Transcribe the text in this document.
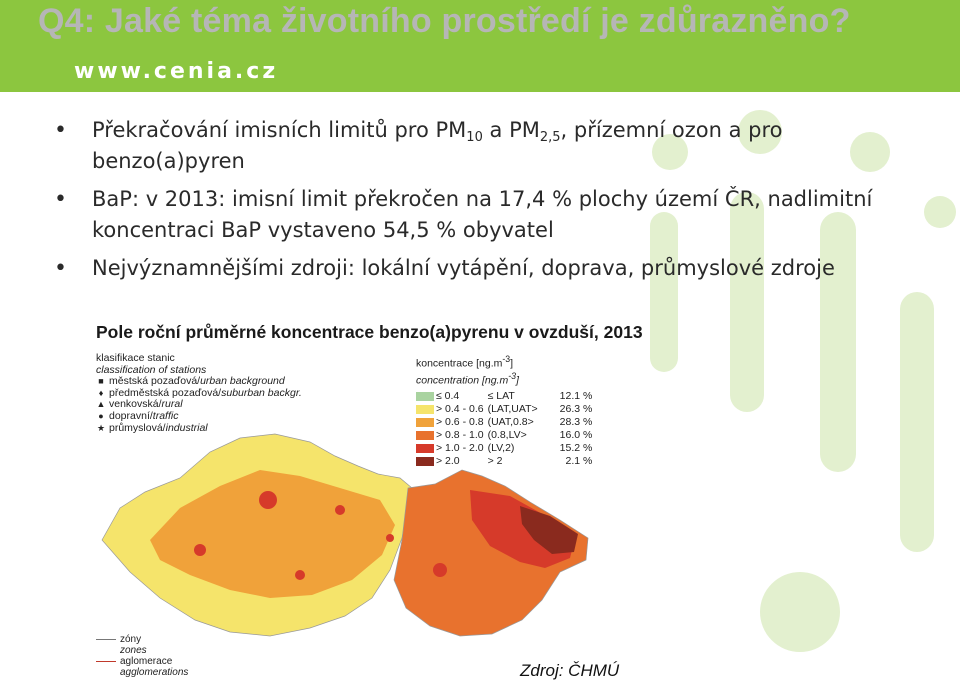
Q4: Jaké téma životního prostředí je zdůrazněno?
www.cenia.cz
• Překračování imisních limitů pro $PM_{10}$ a $PM_{2,5}$, přízemní ozon a pro benzo(a)pyren
• BaP: v 2013: imisní limit překročen na 17,4 % plochy území ČR, nadlimitní koncentraci BaP vystaveno 54,5 % obyvatel
• Nejvýznamnějšími zdroji: lokální vytápění, doprava, průmyslové zdroje
Pole roční průměrné koncentrace benzo(a)pyrenu v ovzduší, 2013
klasifikace stanic
classification of stations
■ městská pozaďová/ urban background
♦ předměstská pozaďová/ suburban backgr.
▲ venkovská/ rural
● dopravní/ traffic
★ průmyslová/ industrial
koncentrace $[ng.m^{-3}]$
concentration $[ng.m^{-3}]$
≤ 0.4	≤ LAT	12.1 %
> 0.4 - 0.6	(LAT,UAT>	26.3 %
> 0.6 - 0.8	(UAT,0.8>	28.3 %
> 0.8 - 1.0	(0.8,LV>	16.0 %
> 1.0 - 2.0	(LV,2)	15.2 %
> 2.0	> 2	2.1 %
zóny
zones
aglomerace
agglomerations	Zdroj: ČHMÚ
